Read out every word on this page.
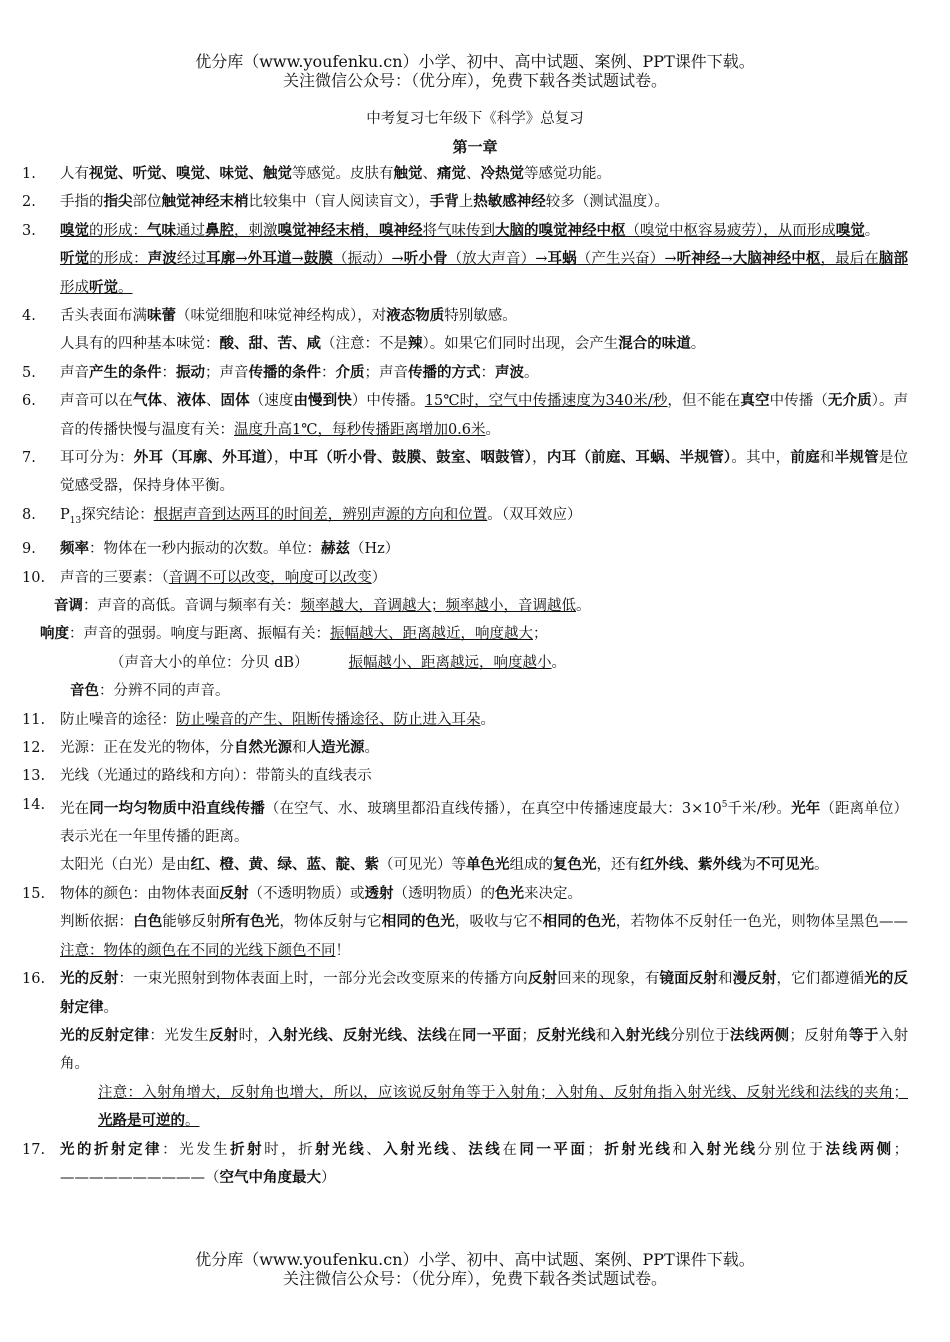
优分库（www.youfenku.cn）小学、初中、高中试题、案例、PPT课件下载。
关注微信公众号：（优分库），免费下载各类试题试卷。
中考复习七年级下《科学》总复习
第一章
1. 人有视觉、听觉、嗅觉、味觉、触觉等感觉。皮肤有触觉、痛觉、冷热觉等感觉功能。
2. 手指的指尖部位触觉神经末梢比较集中（盲人阅读盲文），手背上热敏感神经较多（测试温度）。
3. 嗅觉的形成：气味通过鼻腔，刺激嗅觉神经末梢，嗅神经将气味传到大脑的嗅觉神经中枢（嗅觉中枢容易疲劳），从而形成嗅觉。
听觉的形成：声波经过耳廓→外耳道→鼓膜（振动）→听小骨（放大声音）→耳蜗（产生兴奋）→听神经→大脑神经中枢，最后在脑部形成听觉。
4. 舌头表面布满味蕾（味觉细胞和味觉神经构成），对液态物质特别敏感。
人具有的四种基本味觉：酸、甜、苦、咸（注意：不是辣）。如果它们同时出现，会产生混合的味道。
5. 声音产生的条件：振动；声音传播的条件：介质；声音传播的方式：声波。
6. 声音可以在气体、液体、固体（速度由慢到快）中传播。15℃时，空气中传播速度为340米/秒，但不能在真空中传播（无介质）。声音的传播快慢与温度有关：温度升高1℃，每秒传播距离增加0.6米。
7. 耳可分为：外耳（耳廓、外耳道），中耳（听小骨、鼓膜、鼓室、咽鼓管），内耳（前庭、耳蜗、半规管）。其中，前庭和半规管是位觉感受器，保持身体平衡。
8. $P_{13}$探究结论：根据声音到达两耳的时间差，辨别声源的方向和位置。（双耳效应）
9. 频率：物体在一秒内振动的次数。单位：赫兹（Hz）
10. 声音的三要素：（音调不可以改变，响度可以改变）
音调：声音的高低。音调与频率有关：频率越大，音调越大；频率越小，音调越低。
响度：声音的强弱。响度与距离、振幅有关：振幅越大、距离越近，响度越大；
（声音大小的单位：分贝 dB）	振幅越小、距离越远，响度越小。
音色：分辨不同的声音。
11. 防止噪音的途径：防止噪音的产生、阻断传播途径、防止进入耳朵。
12. 光源：正在发光的物体，分自然光源和人造光源。
13. 光线（光通过的路线和方向）：带箭头的直线表示
14. 光在同一均匀物质中沿直线传播（在空气、水、玻璃里都沿直线传播），在真空中传播速度最大：$3\times 10^5$千米/秒。光年（距离单位）表示光在一年里传播的距离。
太阳光（白光）是由红、橙、黄、绿、蓝、靛、紫（可见光）等单色光组成的复色光，还有红外线、紫外线为不可见光。
15. 物体的颜色：由物体表面反射（不透明物质）或透射（透明物质）的色光来决定。
判断依据：白色能够反射所有色光，物体反射与它相同的色光，吸收与它不相同的色光，若物体不反射任一色光，则物体呈黑色——注意：物体的颜色在不同的光线下颜色不同！
16. 光的反射：一束光照射到物体表面上时，一部分光会改变原来的传播方向反射回来的现象，有镜面反射和漫反射，它们都遵循光的反射定律。
光的反射定律：光发生反射时，入射光线、反射光线、法线在同一平面；反射光线和入射光线分别位于法线两侧；反射角等于入射角。
注意：入射角增大，反射角也增大，所以，应该说反射角等于入射角；入射角、反射角指入射光线、反射光线和法线的夹角；光路是可逆的。
17. 光的折射定律：光发生折射时，折射光线、入射光线、法线在同一平面；折射光线和入射光线分别位于法线两侧；——————————（空气中角度最大）
优分库（www.youfenku.cn）小学、初中、高中试题、案例、PPT课件下载。
关注微信公众号：（优分库），免费下载各类试题试卷。
